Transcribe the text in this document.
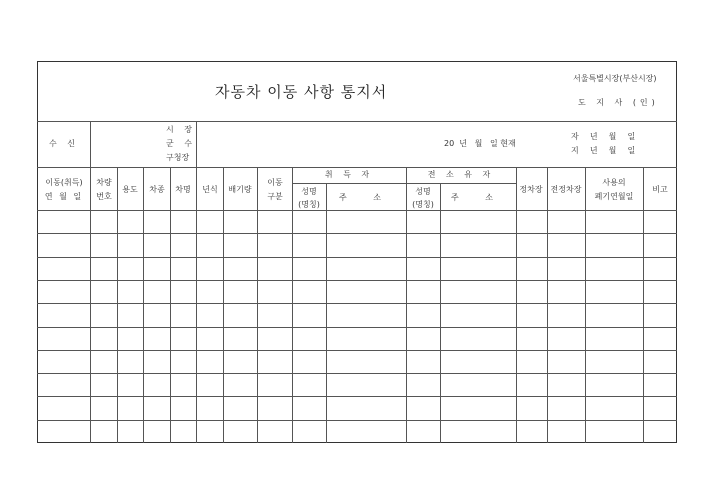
자동차 이동 사항 통지서
서울특별시장(부산시장)
도 지 사 (인)
수 신
시 장
군 수
구청장
20  년   월   일 현재
자  년  월  일
지  년  월  일
이동(취득)
연 월 일
차량
번호
용도 차종 차명 년식 배기량
이동
구분
취 득 자	전 소 유 자
성명
(명칭)
주 소
성명
(명칭)
주 소
정차장 전정차장
사용의
폐기연월일
비고
